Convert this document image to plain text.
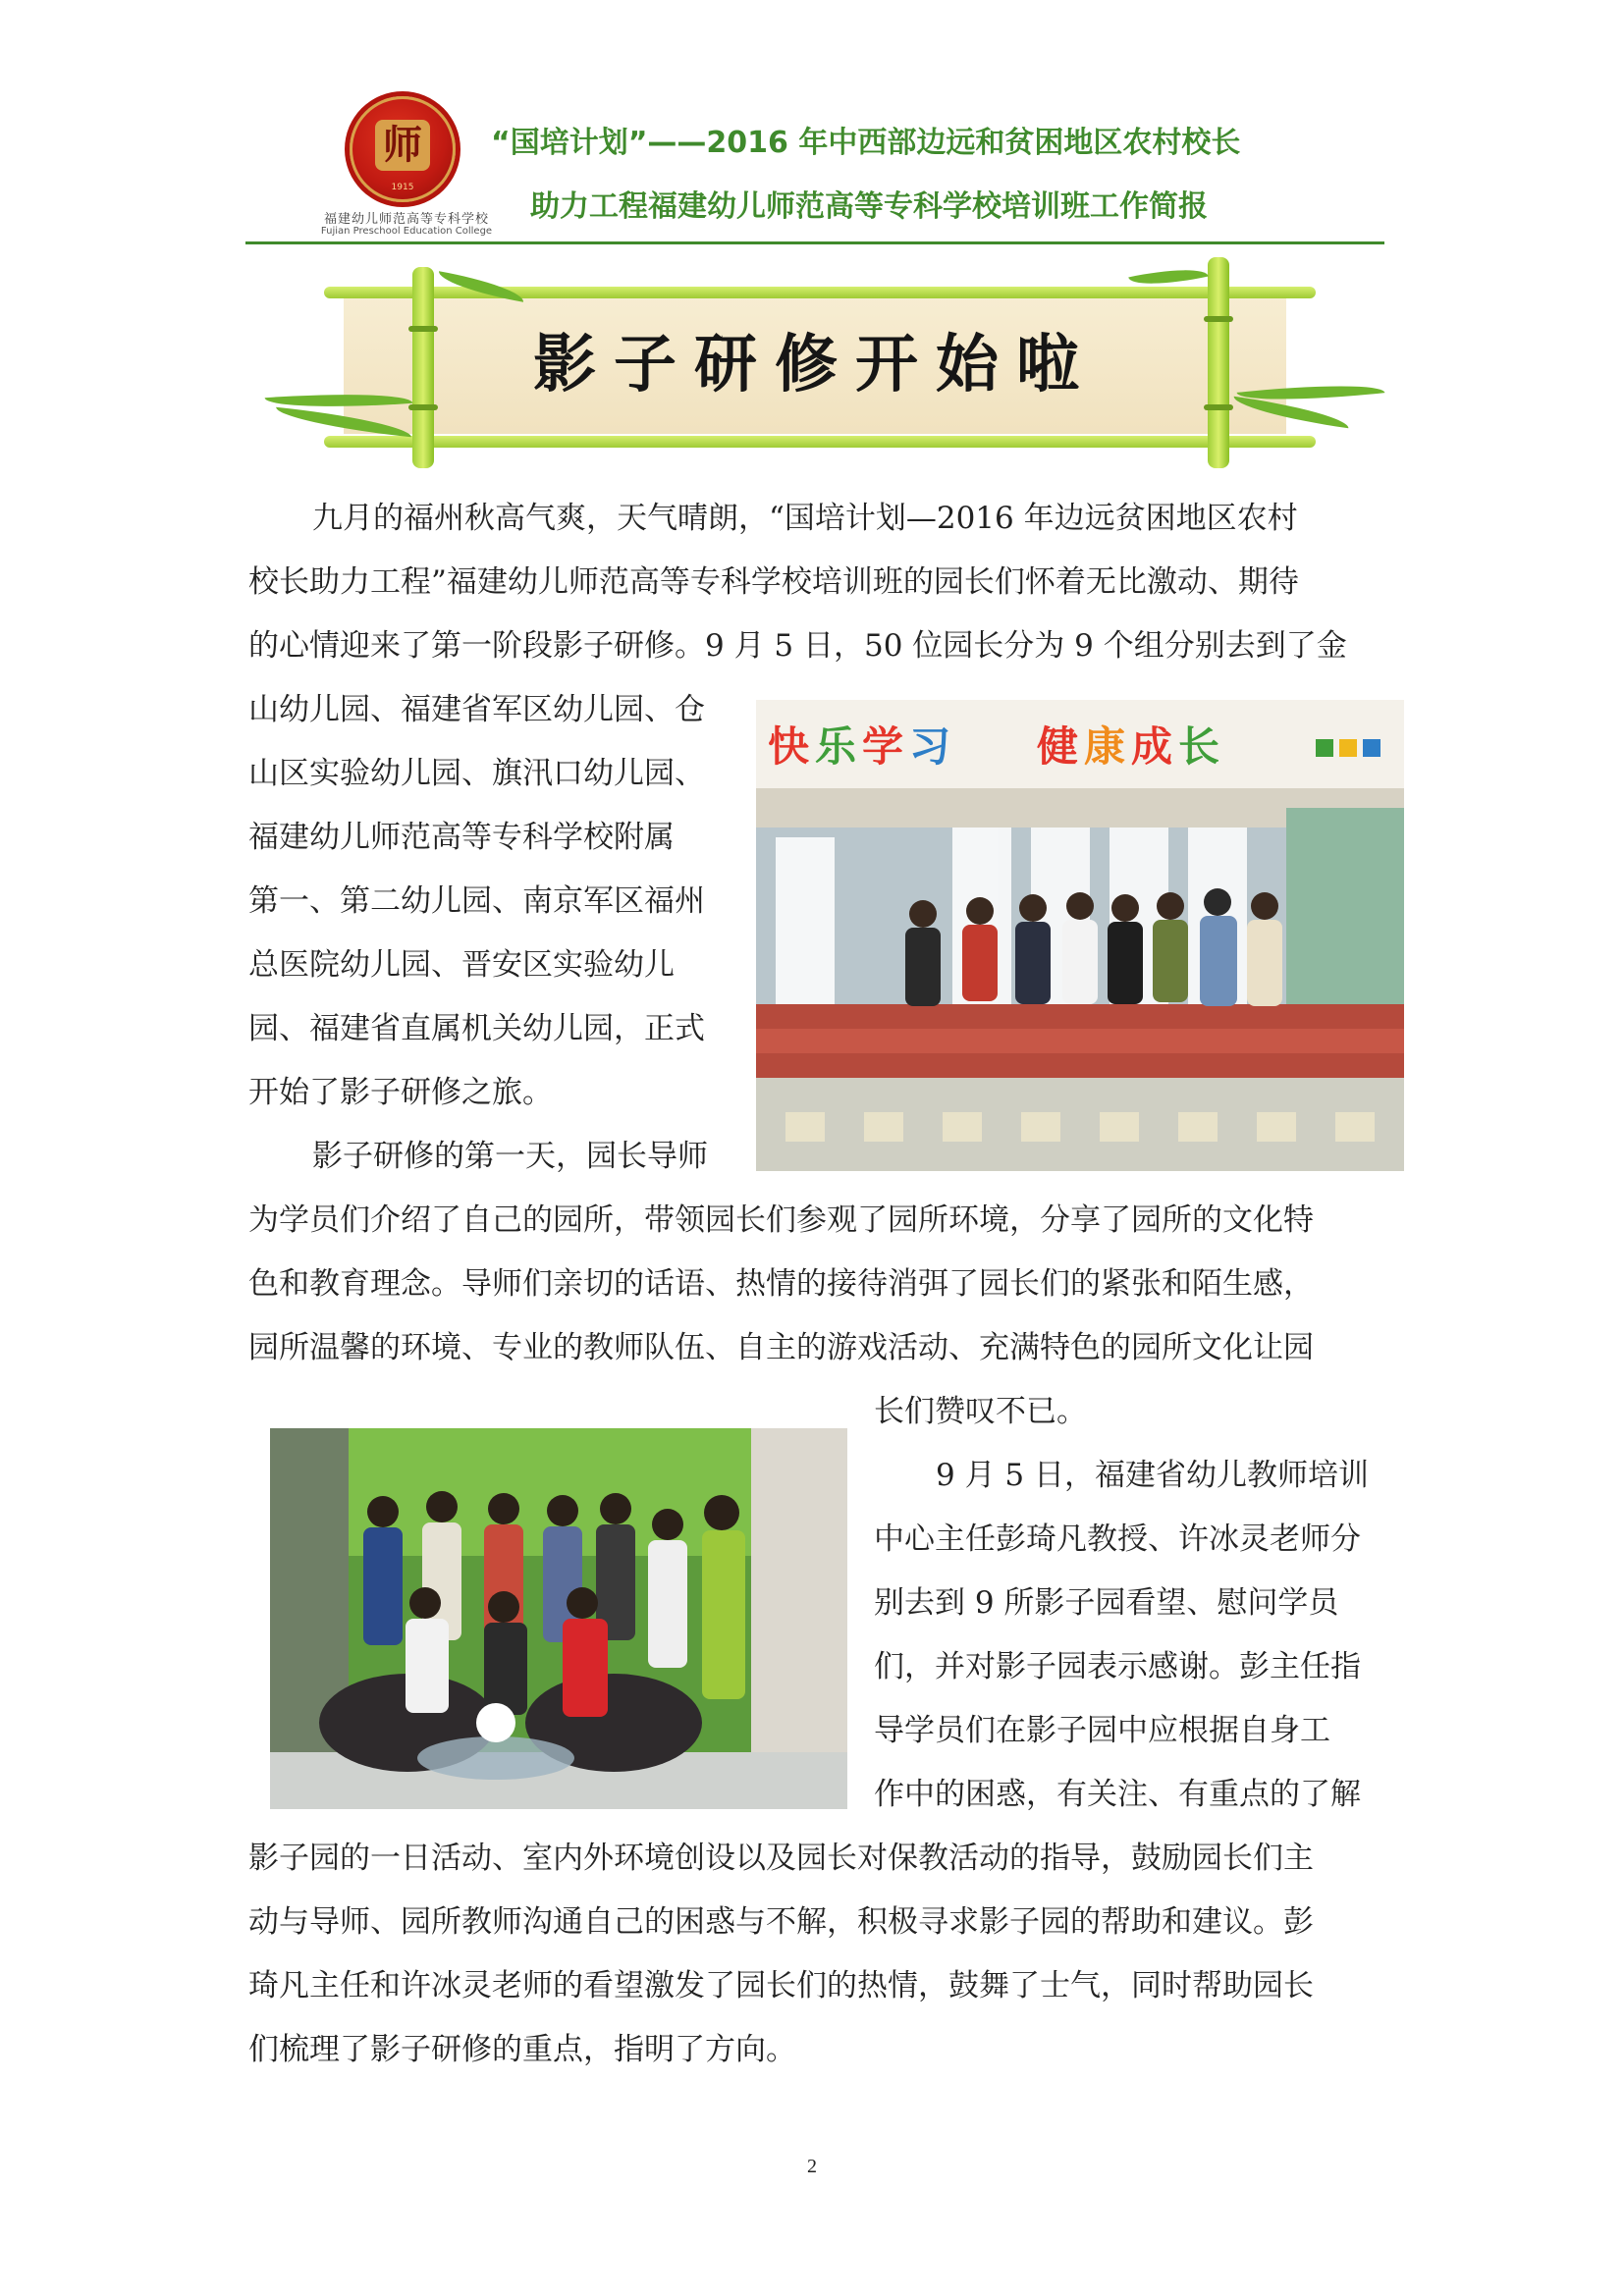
师
1915
福建幼儿师范高等专科学校
Fujian Preschool Education College
“国培计划”——2016 年中西部边远和贫困地区农村校长
助力工程福建幼儿师范高等专科学校培训班工作简报
影子研修开始啦
九月的福州秋高气爽，天气晴朗，“国培计划—2016 年边远贫困地区农村
校长助力工程”福建幼儿师范高等专科学校培训班的园长们怀着无比激动、期待
的心情迎来了第一阶段影子研修。9 月 5 日，50 位园长分为 9 个组分别去到了金
山幼儿园、福建省军区幼儿园、仓
山区实验幼儿园、旗汛口幼儿园、
福建幼儿师范高等专科学校附属
第一、第二幼儿园、南京军区福州
总医院幼儿园、晋安区实验幼儿
园、福建省直属机关幼儿园，正式
开始了影子研修之旅。
快 乐 学 习 健 康 成 长
影子研修的第一天，园长导师
为学员们介绍了自己的园所，带领园长们参观了园所环境，分享了园所的文化特
色和教育理念。导师们亲切的话语、热情的接待消弭了园长们的紧张和陌生感，
园所温馨的环境、专业的教师队伍、自主的游戏活动、充满特色的园所文化让园
长们赞叹不已。
9 月 5 日，福建省幼儿教师培训
中心主任彭琦凡教授、许冰灵老师分
别去到 9 所影子园看望、慰问学员
们，并对影子园表示感谢。彭主任指
导学员们在影子园中应根据自身工
作中的困惑，有关注、有重点的了解
影子园的一日活动、室内外环境创设以及园长对保教活动的指导，鼓励园长们主
动与导师、园所教师沟通自己的困惑与不解，积极寻求影子园的帮助和建议。彭
琦凡主任和许冰灵老师的看望激发了园长们的热情，鼓舞了士气，同时帮助园长
们梳理了影子研修的重点，指明了方向。
2
